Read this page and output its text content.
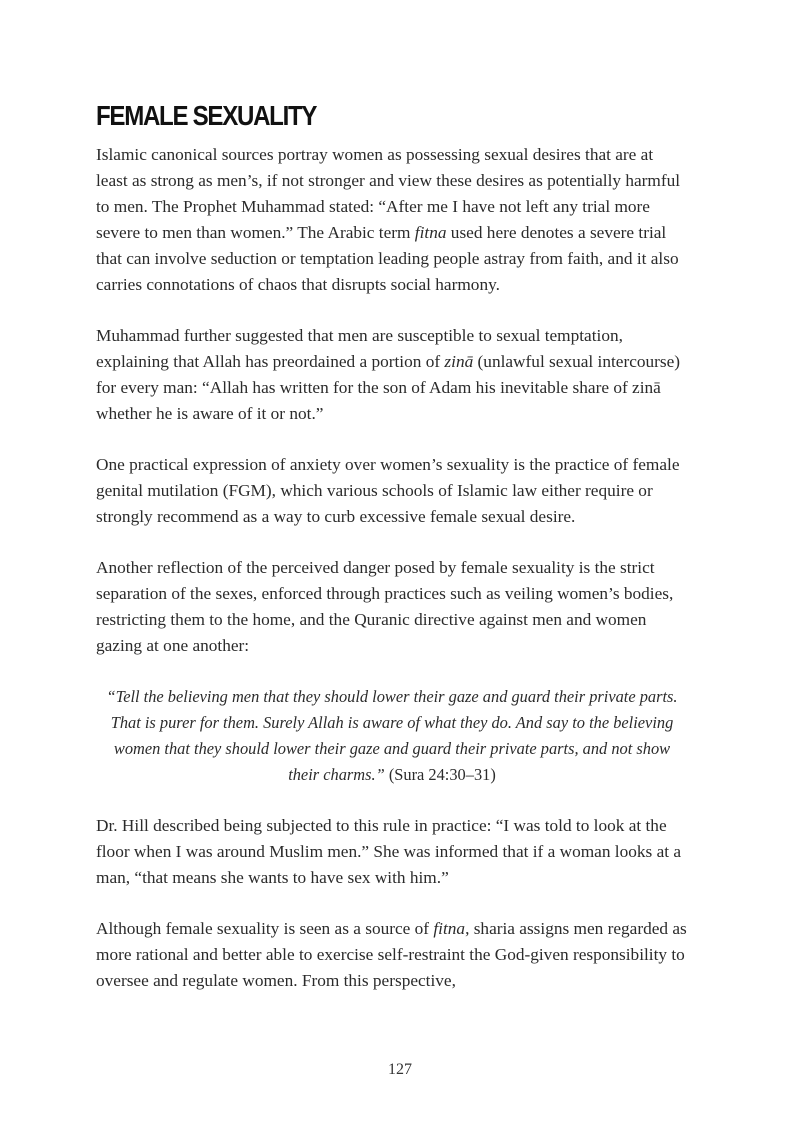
FEMALE SEXUALITY

Islamic canonical sources portray women as possessing sexual desires that are at least as strong as men’s, if not stronger and view these desires as potentially harmful to men. The Prophet Muhammad stated: “After me I have not left any trial more severe to men than women.” The Arabic term fitna used here denotes a severe trial that can involve seduction or temptation leading people astray from faith, and it also carries connotations of chaos that disrupts social harmony.

Muhammad further suggested that men are susceptible to sexual temptation, explaining that Allah has preordained a portion of zinā (unlawful sexual intercourse) for every man: “Allah has written for the son of Adam his inevitable share of zinā whether he is aware of it or not.”

One practical expression of anxiety over women’s sexuality is the practice of female genital mutilation (FGM), which various schools of Islamic law either require or strongly recommend as a way to curb excessive female sexual desire.

Another reflection of the perceived danger posed by female sexuality is the strict separation of the sexes, enforced through practices such as veiling women’s bodies, restricting them to the home, and the Quranic directive against men and women gazing at one another:

“Tell the believing men that they should lower their gaze and guard their private parts. That is purer for them. Surely Allah is aware of what they do. And say to the believing women that they should lower their gaze and guard their private parts, and not show their charms.” (Sura 24:30–31)

Dr. Hill described being subjected to this rule in practice: “I was told to look at the floor when I was around Muslim men.” She was informed that if a woman looks at a man, “that means she wants to have sex with him.”

Although female sexuality is seen as a source of fitna, sharia assigns men regarded as more rational and better able to exercise self-restraint the God-given responsibility to oversee and regulate women. From this perspective,

127
